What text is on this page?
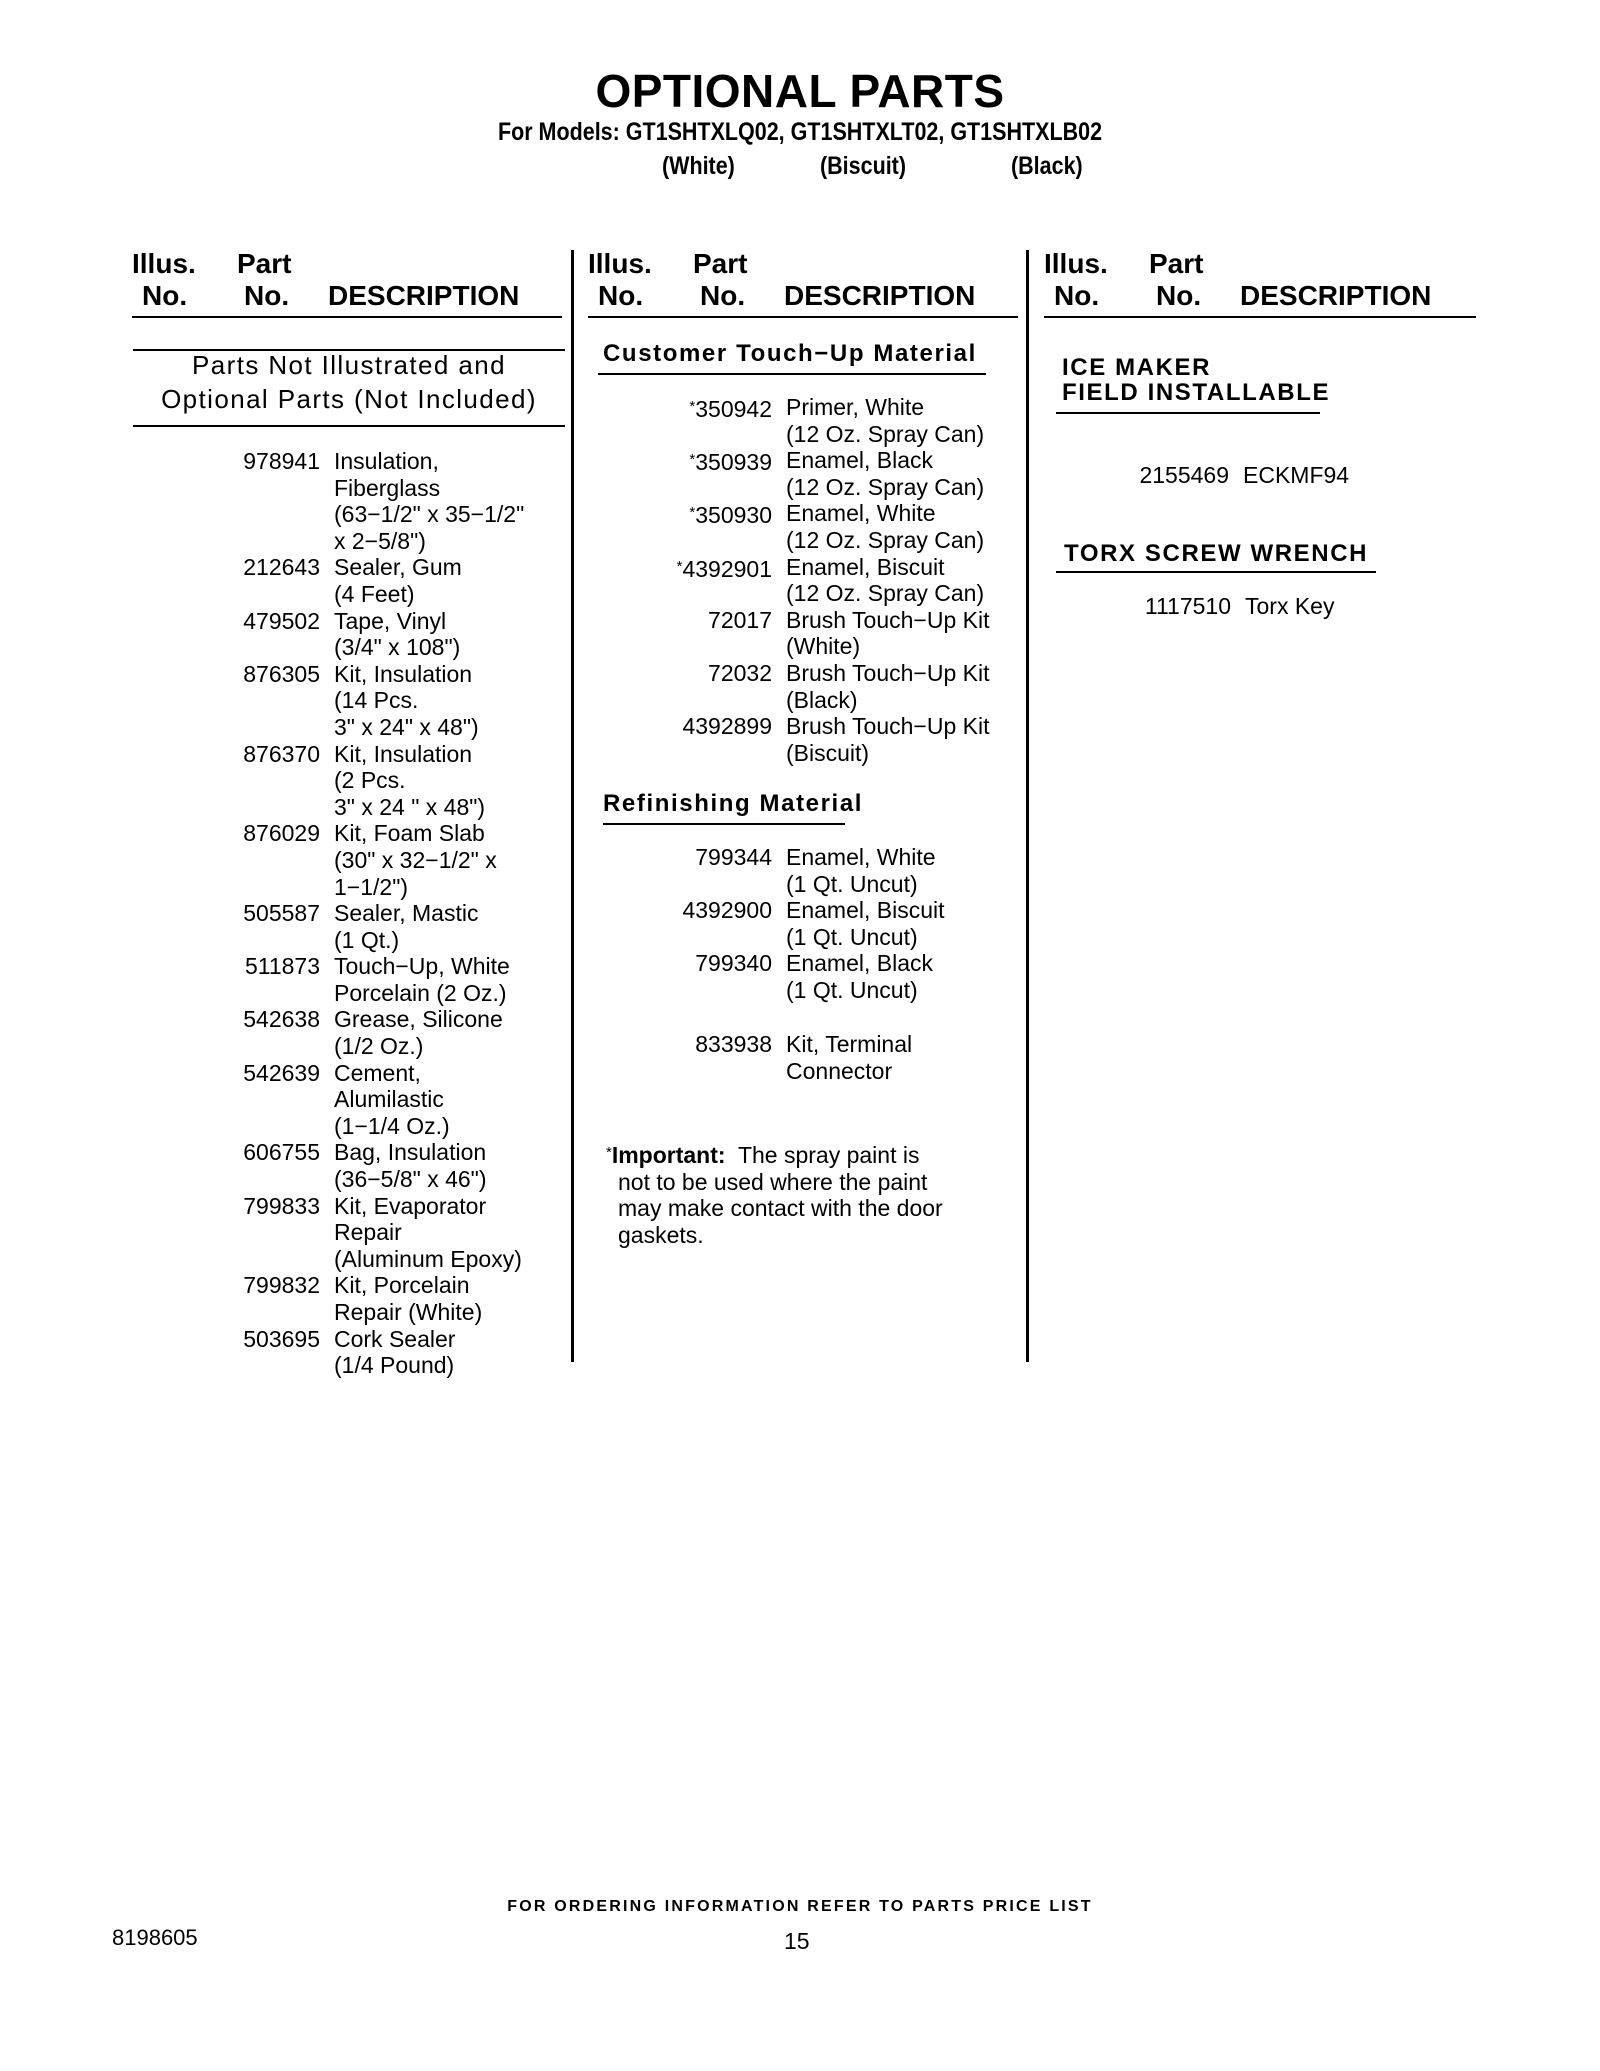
OPTIONAL PARTS
For Models: GT1SHTXLQ02, GT1SHTXLT02, GT1SHTXLB02
(White)	(Biscuit)	(Black)
Illus. Part
No. No. DESCRIPTION
Illus. Part
No. No. DESCRIPTION
Illus. Part
No. No. DESCRIPTION
Parts Not Illustrated and
Optional Parts (Not Included)
978941 Insulation,
Fiberglass
(63−1/2" x 35−1/2"
x 2−5/8")
212643 Sealer, Gum
(4 Feet)
479502 Tape, Vinyl
(3/4" x 108")
876305 Kit, Insulation
(14 Pcs.
3" x 24" x 48")
876370 Kit, Insulation
(2 Pcs.
3" x 24 " x 48")
876029 Kit, Foam Slab
(30" x 32−1/2" x
1−1/2")
505587 Sealer, Mastic
(1 Qt.)
511873 Touch−Up, White
Porcelain (2 Oz.)
542638 Grease, Silicone
(1/2 Oz.)
542639 Cement,
Alumilastic
(1−1/4 Oz.)
606755 Bag, Insulation
(36−5/8" x 46")
799833 Kit, Evaporator
Repair
(Aluminum Epoxy)
799832 Kit, Porcelain
Repair (White)
503695 Cork Sealer
(1/4 Pound)
Customer Touch−Up Material
*350942 Primer, White
(12 Oz. Spray Can)
*350939 Enamel, Black
(12 Oz. Spray Can)
*350930 Enamel, White
(12 Oz. Spray Can)
*4392901 Enamel, Biscuit
(12 Oz. Spray Can)
72017 Brush Touch−Up Kit
(White)
72032 Brush Touch−Up Kit
(Black)
4392899 Brush Touch−Up Kit
(Biscuit)
Refinishing Material
799344 Enamel, White
(1 Qt. Uncut)
4392900 Enamel, Biscuit
(1 Qt. Uncut)
799340 Enamel, Black
(1 Qt. Uncut)
833938 Kit, Terminal
Connector
*Important: The spray paint is
not to be used where the paint
may make contact with the door
gaskets.
ICE MAKER
FIELD INSTALLABLE
2155469 ECKMF94
TORX SCREW WRENCH
1117510 Torx Key
FOR ORDERING INFORMATION REFER TO PARTS PRICE LIST
8198605	15
